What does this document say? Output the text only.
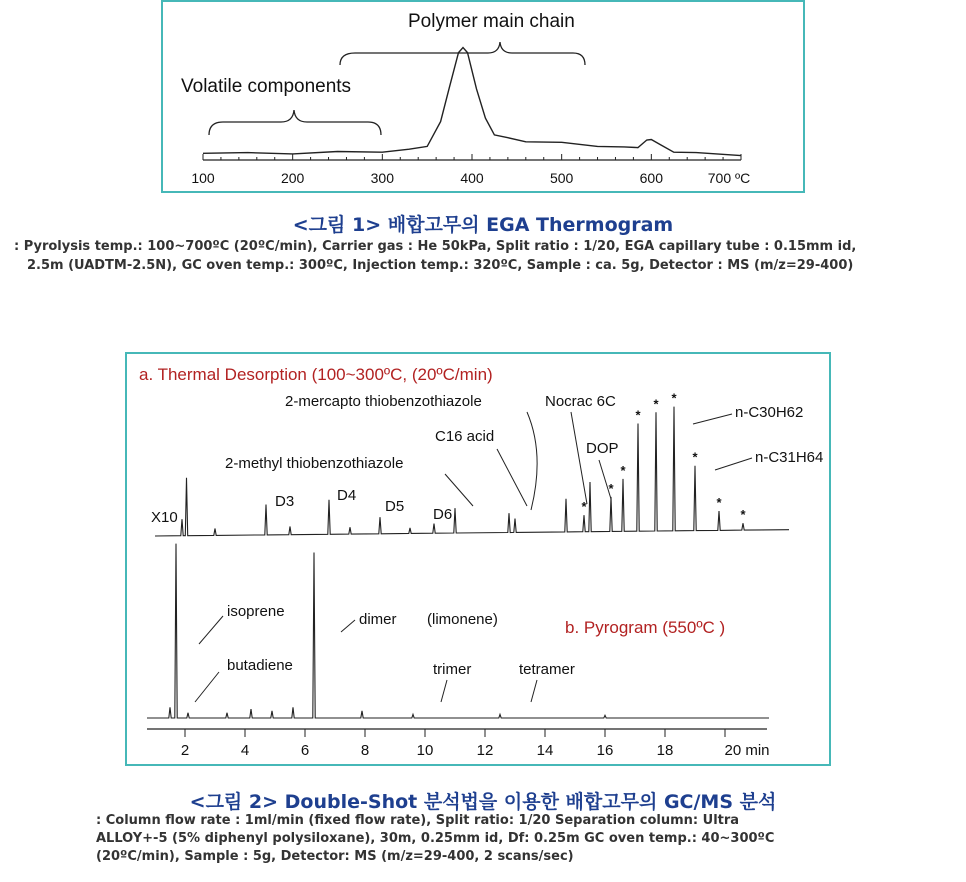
100	200	300	400	500	600	700 ºC
Volatile components
Polymer main chain
<그림 1> 배합고무의 EGA Thermogram
: Pyrolysis temp.: 100~700ºC (20ºC/min), Carrier gas : He 50kPa, Split ratio : 1/20, EGA capillary tube : 0.15mm id,
2.5m (UADTM-2.5N), GC oven temp.: 300ºC, Injection temp.: 320ºC, Sample : ca. 5g, Detector : MS (m/z=29-400)
2	4	6	8	10	12	14	16	18	20 min
a. Thermal Desorption (100~300ºC, (20ºC/min)
b. Pyrogram (550ºC )
X10
D3	D4
D5 D6
2-methyl thiobenzothiazole
C16 acid
2-mercapto thiobenzothiazole	Nocrac 6C
DOP
n-C30H62
n-C31H64
*
*
*
*
* *
*
*
*
isoprene
butadiene
dimer (limonene)
trimer	tetramer
<그림 2> Double-Shot 분석법을 이용한 배합고무의 GC/MS 분석
: Column flow rate : 1ml/min (fixed flow rate), Split ratio: 1/20 Separation column: Ultra
ALLOY+-5 (5% diphenyl polysiloxane), 30m, 0.25mm id, Df: 0.25m GC oven temp.: 40~300ºC
(20ºC/min), Sample : 5g, Detector: MS (m/z=29-400, 2 scans/sec)
